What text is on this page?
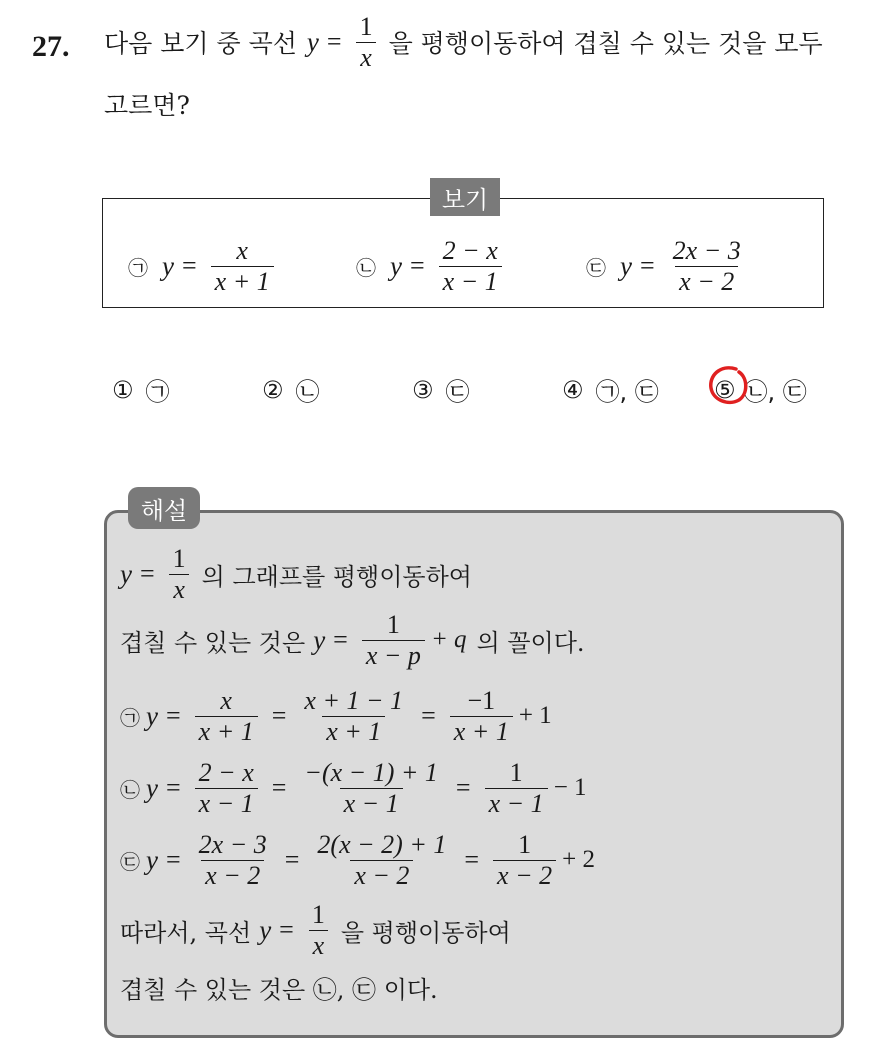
27. 다음 보기 중 곡선 $y = \frac{1}{x}$ 을 평행이동하여 겹칠 수 있는 것을 모두
고르면?
보기
㉠ $y = \frac{x}{x + 1}$	㉡ $y = \frac{2 - x}{x - 1}$	㉢ $y = \frac{2x - 3}{x - 2}$
① ㉠	② ㉡	③ ㉢	④ ㉠, ㉢ ⑤ ㉡, ㉢
해설
$y = \frac{1}{x}$ 의 그래프를 평행이동하여
겹칠 수 있는 것은 $y = \frac{1}{x - p} + q$ 의 꼴이다.
㉠ $y = \frac{x}{x + 1} = \frac{x + 1 - 1}{x + 1} = \frac{-1}{x + 1} + 1$
㉡ $y = \frac{2 - x}{x - 1} = \frac{-(x - 1) + 1}{x - 1} = \frac{1}{x - 1} - 1$
㉢ $y = \frac{2x - 3}{x - 2} = \frac{2(x - 2) + 1}{x - 2} = \frac{1}{x - 2} + 2$
따라서, 곡선 $y = \frac{1}{x}$ 을 평행이동하여
겹칠 수 있는 것은 ㉡, ㉢ 이다.
